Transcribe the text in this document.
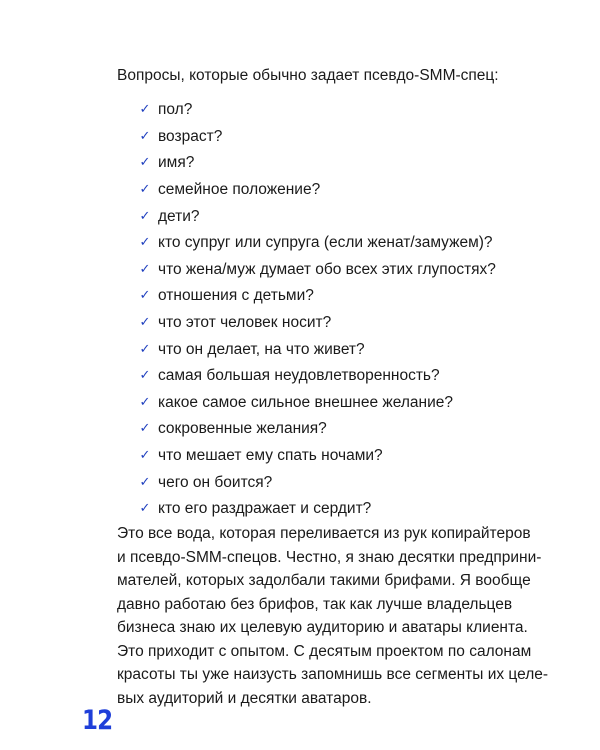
Вопросы, которые обычно задает псевдо-SMM-спец:

✓ пол?
✓ возраст?
✓ имя?
✓ семейное положение?
✓ дети?
✓ кто супруг или супруга (если женат/замужем)?
✓ что жена/муж думает обо всех этих глупостях?
✓ отношения с детьми?
✓ что этот человек носит?
✓ что он делает, на что живет?
✓ самая большая неудовлетворенность?
✓ какое самое сильное внешнее желание?
✓ сокровенные желания?
✓ что мешает ему спать ночами?
✓ чего он боится?
✓ кто его раздражает и сердит?

Это все вода, которая переливается из рук копирайтеров
и псевдо-SMM-спецов. Честно, я знаю десятки предприни-
мателей, которых задолбали такими брифами. Я вообще
давно работаю без брифов, так как лучше владельцев
бизнеса знаю их целевую аудиторию и аватары клиента.
Это приходит с опытом. С десятым проектом по салонам
красоты ты уже наизусть запомнишь все сегменты их целе-
вых аудиторий и десятки аватаров.

12
